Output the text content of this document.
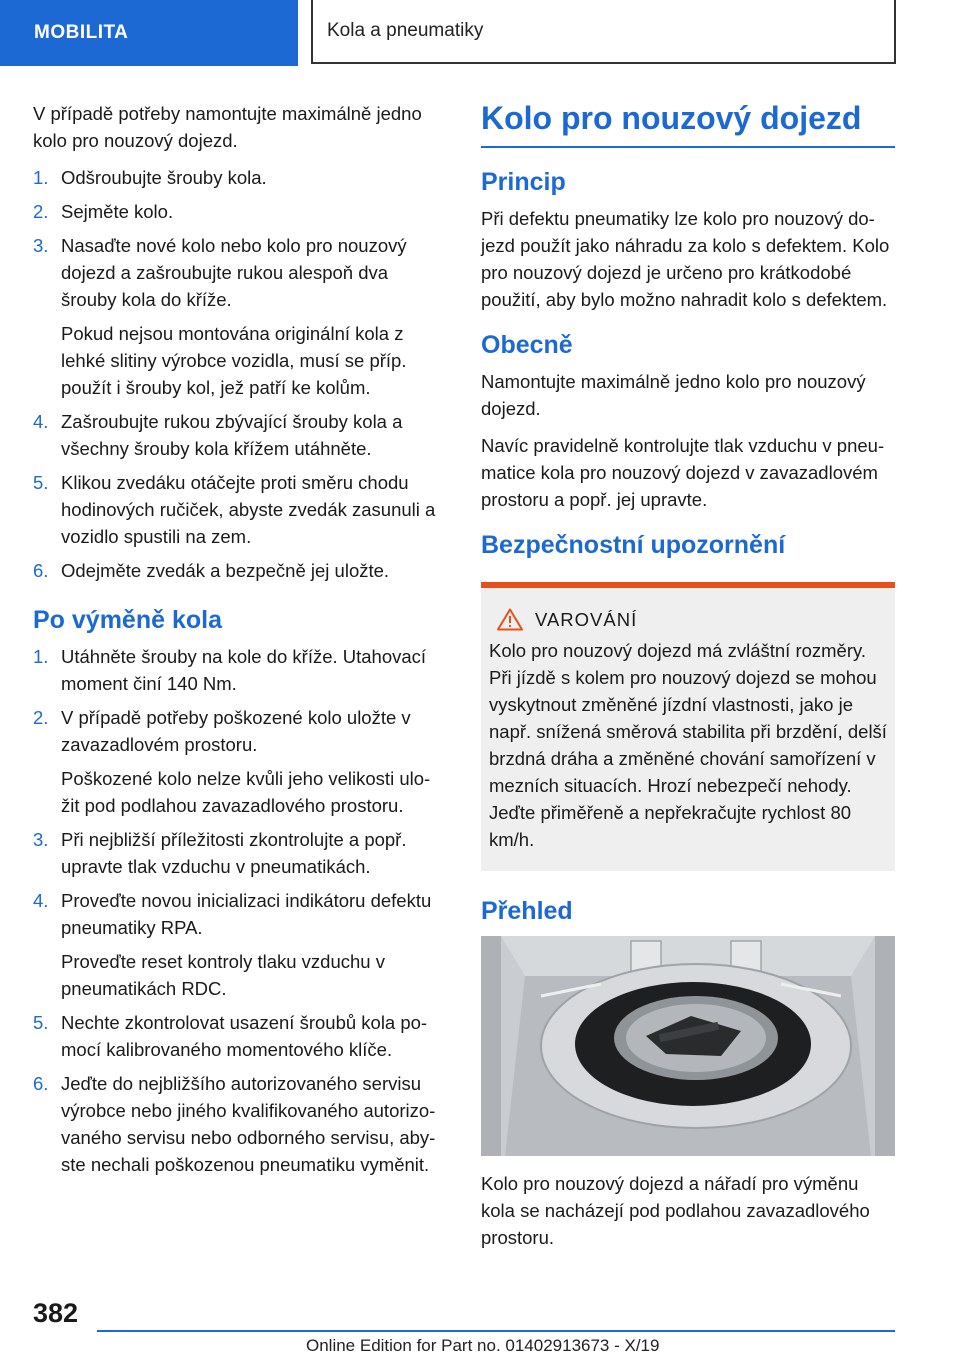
MOBILITA	Kola a pneumatiky

V případě potřeby namontujte maximálně jedno kolo pro nouzový dojezd.

1. Odšroubujte šrouby kola.
2. Sejměte kolo.
3. Nasaďte nové kolo nebo kolo pro nouzový dojezd a zašroubujte rukou alespoň dva šrouby kola do kříže.
Pokud nejsou montována originální kola z lehké slitiny výrobce vozidla, musí se příp. použít i šrouby kol, jež patří ke kolům.
4. Zašroubujte rukou zbývající šrouby kola a všechny šrouby kola křížem utáhněte.
5. Klikou zvedáku otáčejte proti směru chodu hodinových ručiček, abyste zvedák zasunuli a vozidlo spustili na zem.
6. Odejměte zvedák a bezpečně jej uložte.
Po výměně kola
1. Utáhněte šrouby na kole do kříže. Utahovací moment činí 140 Nm.
2. V případě potřeby poškozené kolo uložte v zavazadlovém prostoru.
Poškozené kolo nelze kvůli jeho velikosti ulo-žit pod podlahou zavazadlového prostoru.
3. Při nejbližší příležitosti zkontrolujte a popř. upravte tlak vzduchu v pneumatikách.
4. Proveďte novou inicializaci indikátoru defektu pneumatiky RPA.
Proveďte reset kontroly tlaku vzduchu v pneumatikách RDC.
5. Nechte zkontrolovat usazení šroubů kola po-mocí kalibrovaného momentového klíče.
6. Jeďte do nejbližšího autorizovaného servisu výrobce nebo jiného kvalifikovaného autorizo-vaného servisu nebo odborného servisu, aby-ste nechali poškozenou pneumatiku vyměnit.
Kolo pro nouzový dojezd
Princip

Při defektu pneumatiky lze kolo pro nouzový do-jezd použít jako náhradu za kolo s defektem. Kolo pro nouzový dojezd je určeno pro krátkodobé použití, aby bylo možno nahradit kolo s defektem.

Obecně

Namontujte maximálně jedno kolo pro nouzový dojezd.

Navíc pravidelně kontrolujte tlak vzduchu v pneu-matice kola pro nouzový dojezd v zavazadlovém prostoru a popř. jej upravte.

Bezpečnostní upozornění
VAROVÁNÍ

Kolo pro nouzový dojezd má zvláštní rozměry. Při jízdě s kolem pro nouzový dojezd se mohou vyskytnout změněné jízdní vlastnosti, jako je např. snížená směrová stabilita při brzdění, delší brzdná dráha a změněné chování samořízení v mezních situacích. Hrozí nebezpečí nehody. Jeďte přiměřeně a nepřekračujte rychlost 80 km/h.

Přehled

Kolo pro nouzový dojezd a nářadí pro výměnu kola se nacházejí pod podlahou zavazadlového prostoru.

382
Online Edition for Part no. 01402913673 - X/19
